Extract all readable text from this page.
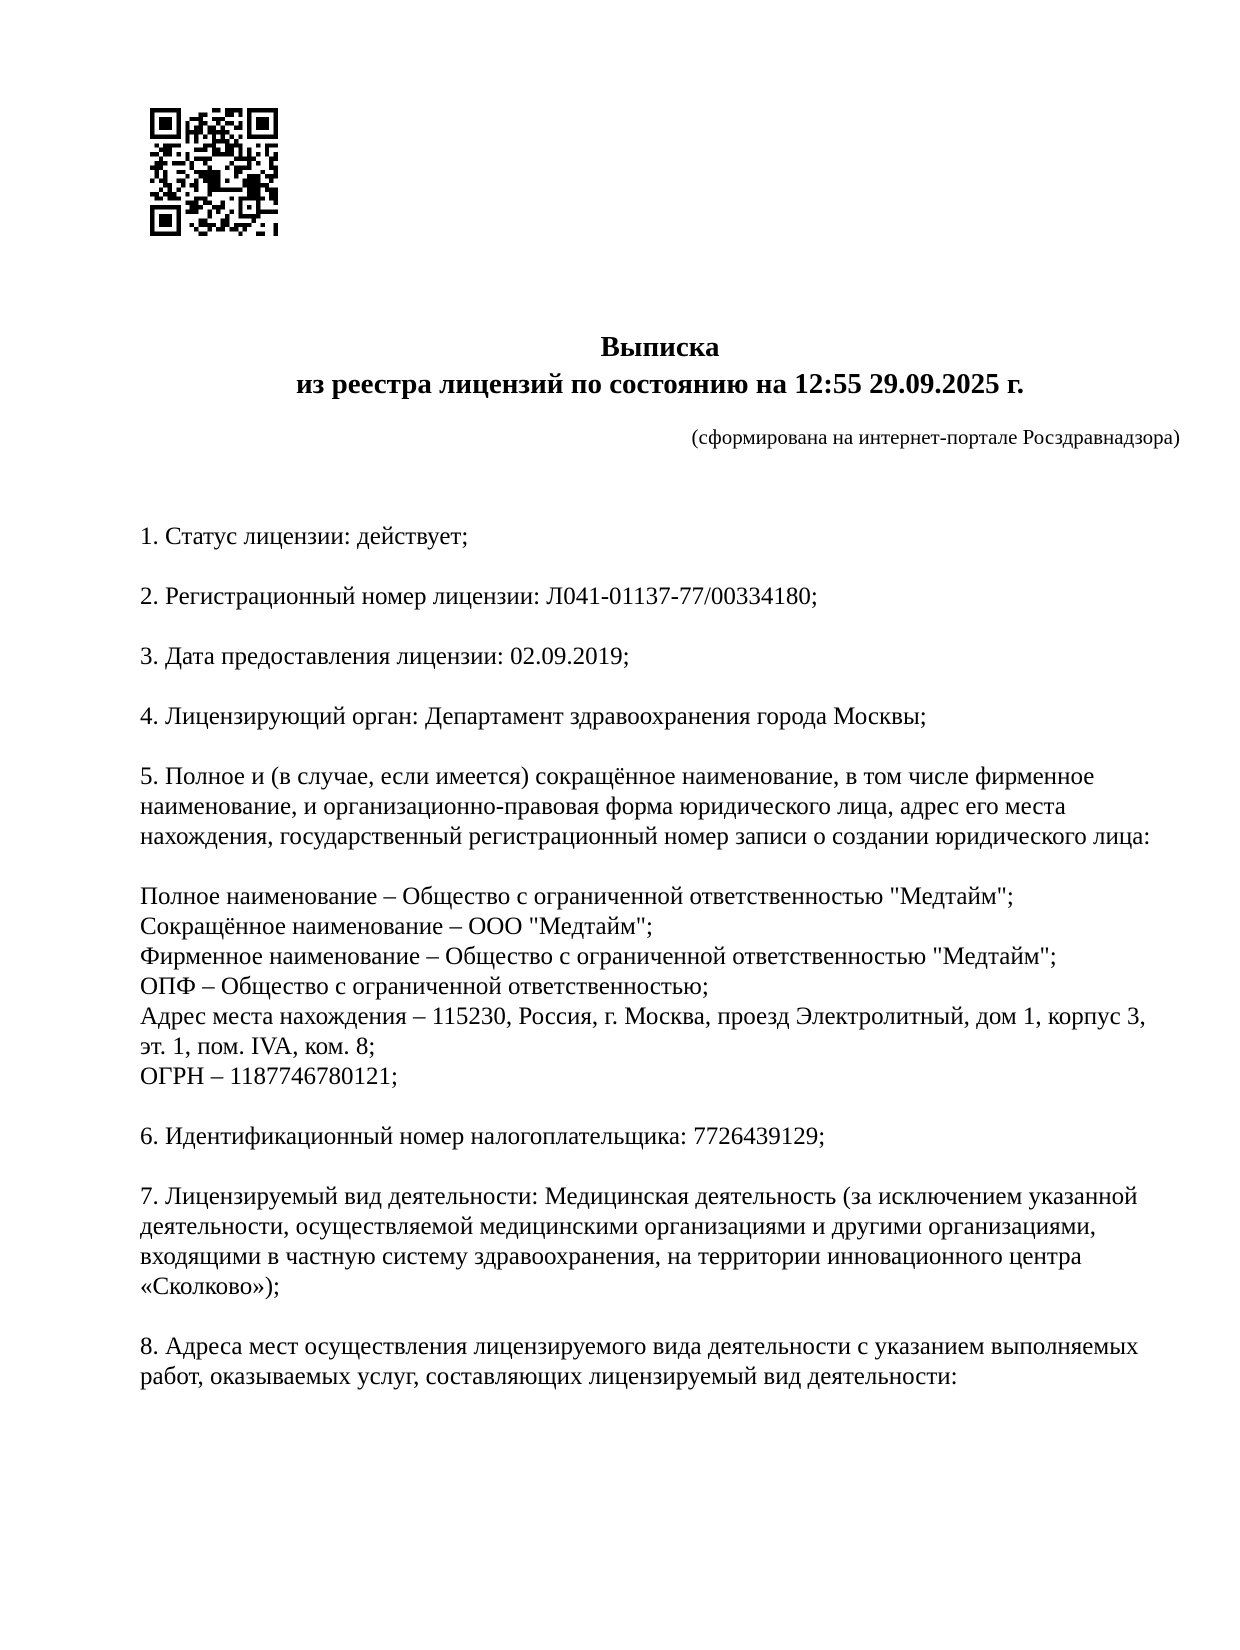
Выписка
из реестра лицензий по состоянию на 12:55 29.09.2025 г.
(сформирована на интернет-портале Росздравнадзора)
1. Статус лицензии: действует;
2. Регистрационный номер лицензии: Л041-01137-77/00334180;
3. Дата предоставления лицензии: 02.09.2019;
4. Лицензирующий орган: Департамент здравоохранения города Москвы;
5. Полное и (в случае, если имеется) сокращённое наименование, в том числе фирменное
наименование, и организационно-правовая форма юридического лица, адрес его места
нахождения, государственный регистрационный номер записи о создании юридического лица:
Полное наименование – Общество с ограниченной ответственностью "Медтайм";
Сокращённое наименование – ООО "Медтайм";
Фирменное наименование – Общество с ограниченной ответственностью "Медтайм";
ОПФ – Общество с ограниченной ответственностью;
Адрес места нахождения – 115230, Россия, г. Москва, проезд Электролитный, дом 1, корпус 3,
эт. 1, пом. IVA, ком. 8;
ОГРН – 1187746780121;
6. Идентификационный номер налогоплательщика: 7726439129;
7. Лицензируемый вид деятельности: Медицинская деятельность (за исключением указанной
деятельности, осуществляемой медицинскими организациями и другими организациями,
входящими в частную систему здравоохранения, на территории инновационного центра
«Сколково»);
8. Адреса мест осуществления лицензируемого вида деятельности с указанием выполняемых
работ, оказываемых услуг, составляющих лицензируемый вид деятельности:
